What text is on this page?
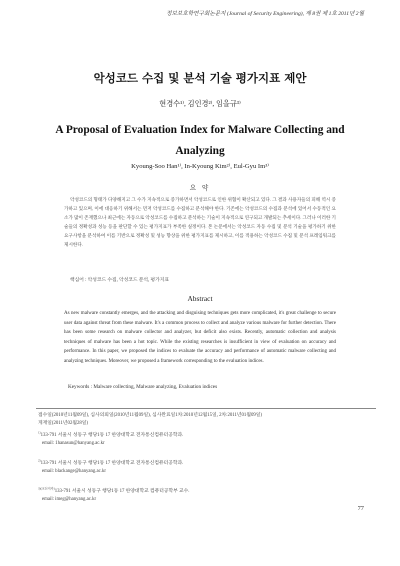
정보보호학연구회논문지 (Journal of Security Engineering), 제 8권 제 1호 2011년 2월
악성코드 수집 및 분석 기술 평가지표 제안
현경수¹⁾, 김인경²⁾, 임을규³⁾
A Proposal of Evaluation Index for Malware Collecting and Analyzing
Kyoung-Soo Han¹⁾, In-Kyoung Kim²⁾, Eul-Gyu Im³⁾
요 약
악성코드의 형태가 다양해지고 그 수가 지속적으로 증가하면서 악성코드로 인한 위협이 확산되고 있다. 그 결과 사용자들의 피해 역시 증가하고 있으며, 이에 대응하기 위해서는 먼저 악성코드를 수집하고 분석해야 한다. 기존에는 악성코드의 수집과 분석에 있어서 수동적인 요소가 많이 존재했으나 최근에는 자동으로 악성코드를 수집하고 분석하는 기술이 지속적으로 연구되고 개발되는 추세이다. 그러나 이러한 기술들의 정확성과 성능 등을 판단할 수 있는 평가지표가 부족한 실정이다. 본 논문에서는 악성코드 자동 수집 및 분석 기술을 평가하기 위한 요구사항을 분석하여 이를 기반으로 정확성 및 성능 향상을 위한 평가지표를 제시하고, 이를 적용하는 악성코드 수집 및 분석 프레임워크를 제시한다.
핵심어 : 악성코드 수집, 악성코드 분석, 평가지표
Abstract
As new malware constantly emerges, and the attacking and disguising techniques gets more complicated, it's great challenge to secure user data against threat from these malware. It's a common process to collect and analyze various malware for further detection. There has been some research on malware collector and analyzer, but deficit also exists. Recently, automatic collection and analysis techniques of malware has been a hot topic. While the existing researches is insufficient in view of evaluation on accuracy and performance. In this paper, we proposed the indices to evaluate the accuracy and performance of automatic malware collecting and analyzing techniques. Moreover, we proposed a framework corresponding to the evaluation indices.
Keywords : Malware collecting, Malware analyzing, Evaluation indices
접수일(2010년11월09일), 심사의뢰일(2010년11월09일), 심사완료일1차:2010년12월15일, 2차:2011년01월09일)
게재일(2011년02월28일)
$^{1)}$133-791 서울시 성동구 행당1동 17 한양대학교 전자통신컴퓨터공학과.
email: 1hanasun@hanyang.ac.kr
$^{2)}$133-791 서울시 성동구 행당1동 17 한양대학교 전자통신컴퓨터공학과.
email: blackange@hanyang.ac.kr
$^{3)(교신저자)}$133-791 서울시 성동구 행당1동 17 한양대학교 컴퓨터공학부 교수.
email: imeg@hanyang.ac.kr
77
